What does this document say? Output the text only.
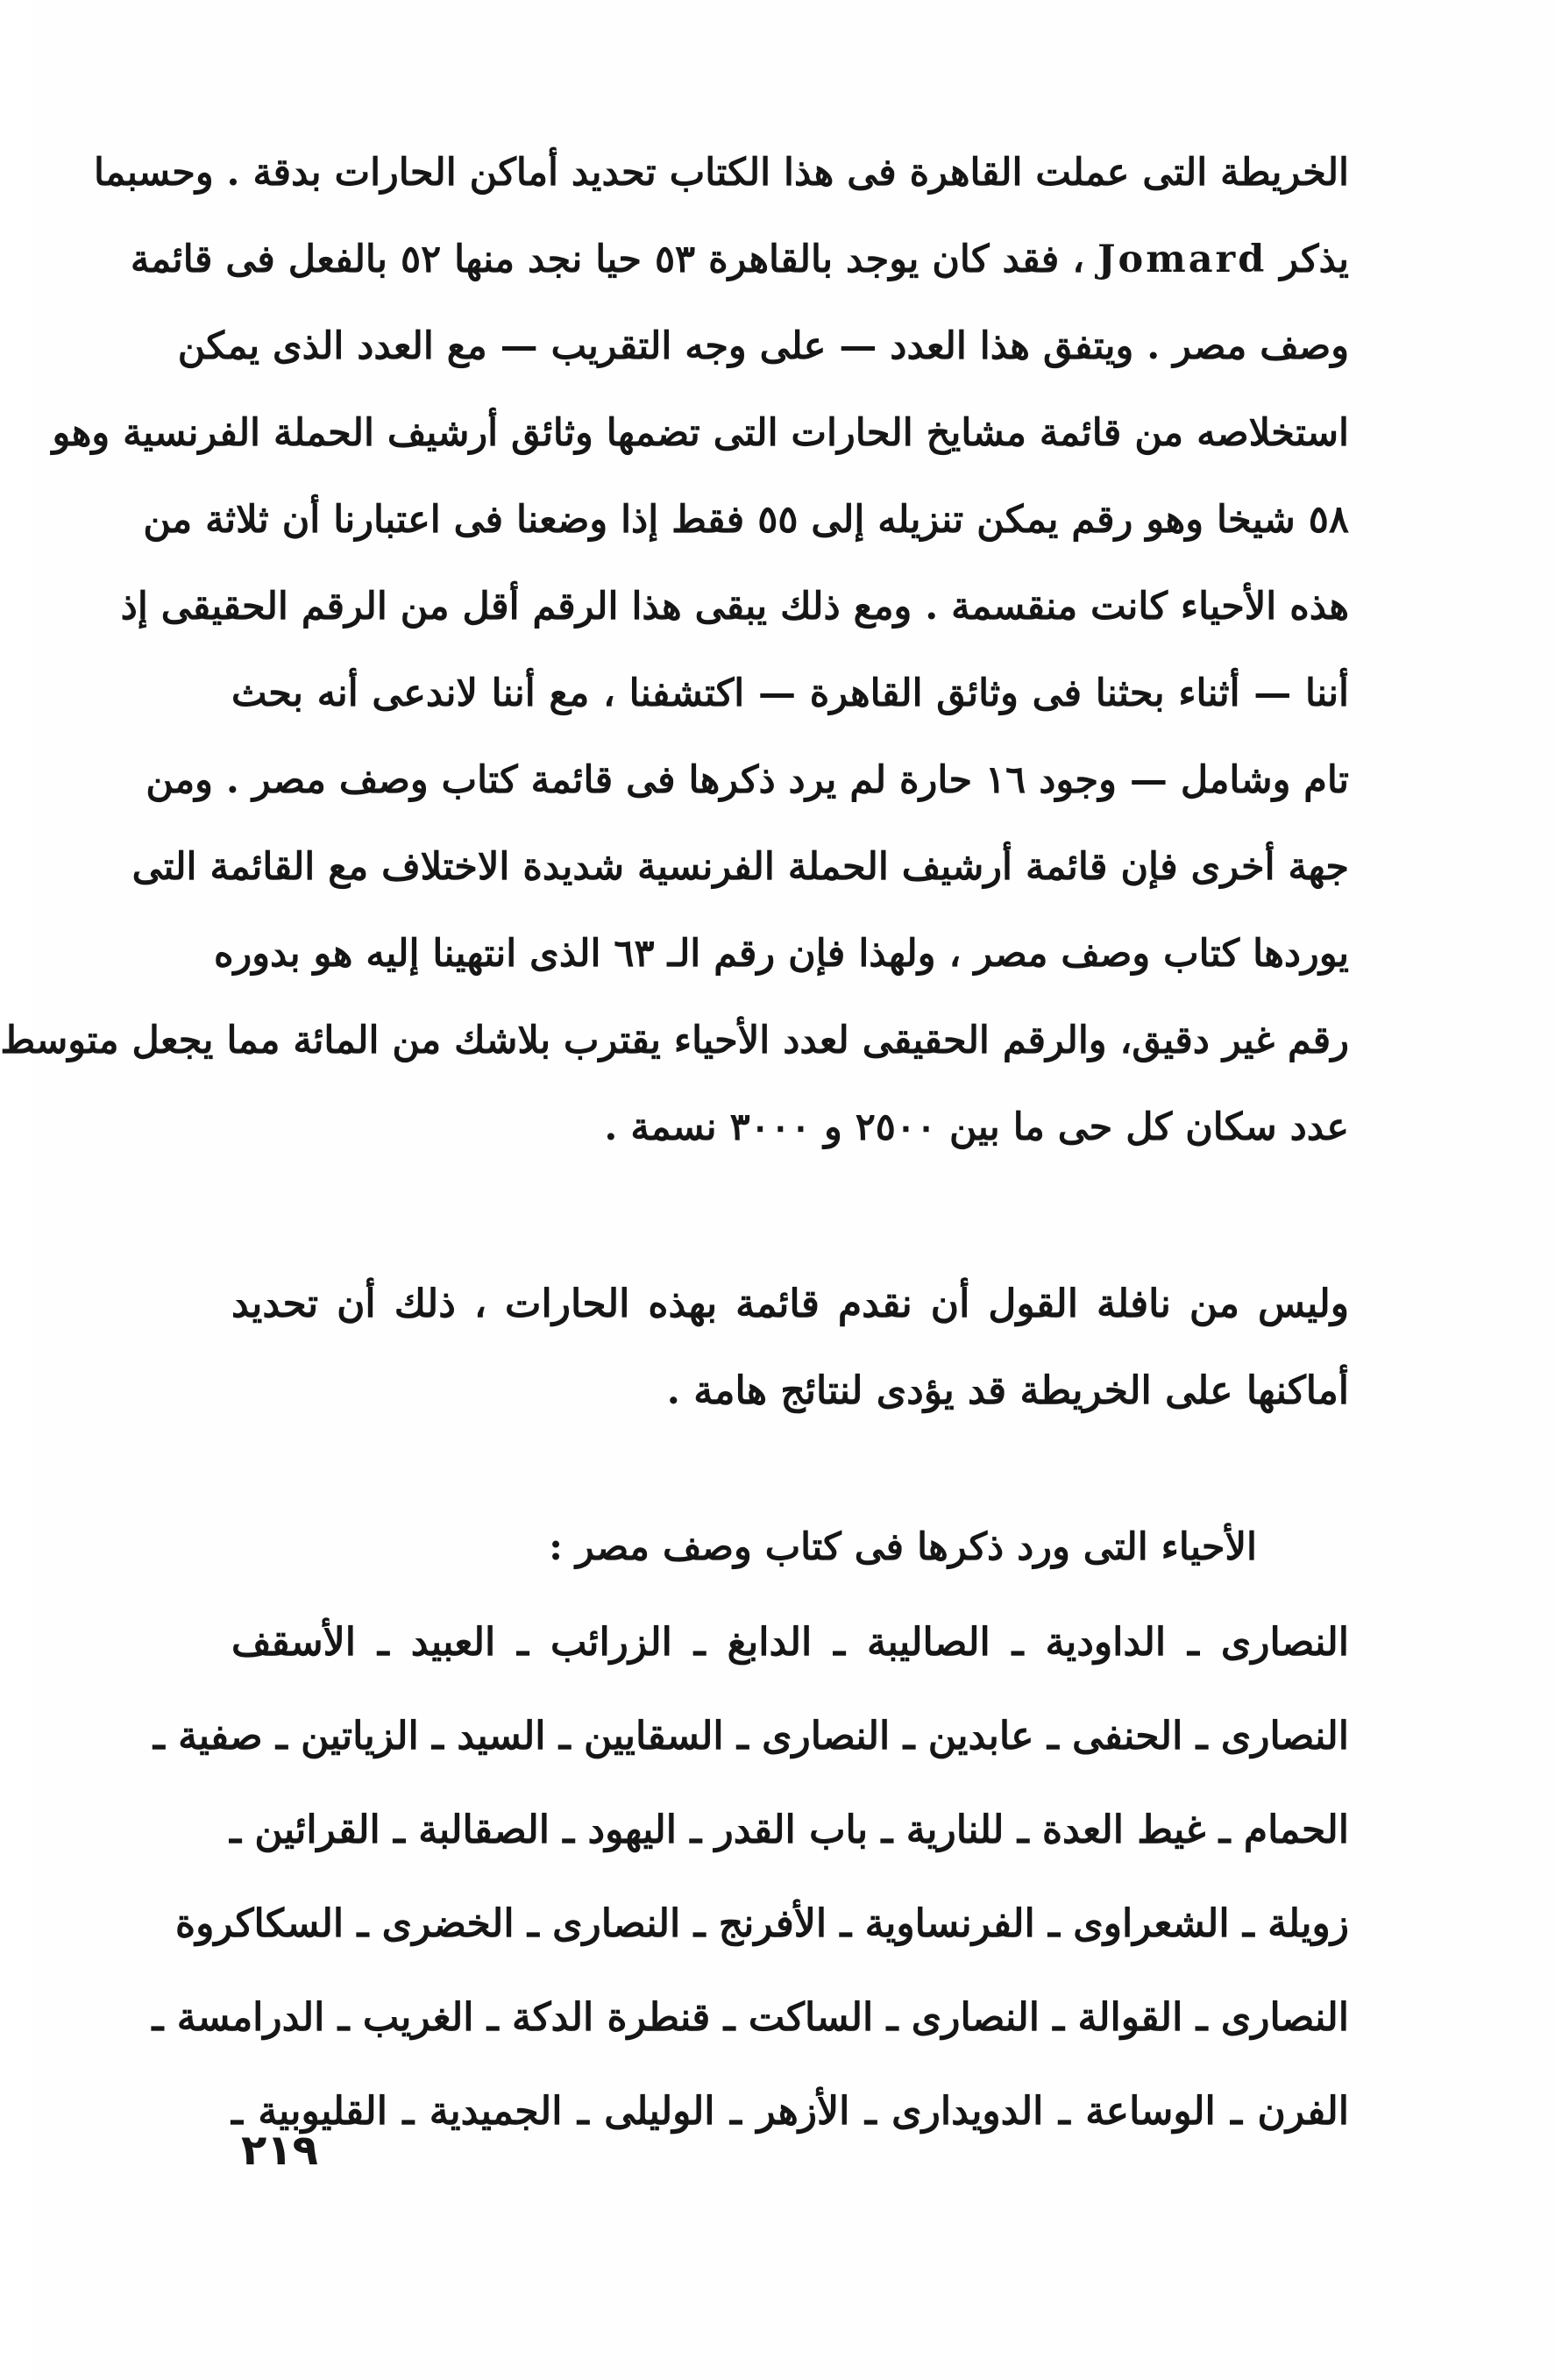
الخريطة التى عملت القاهرة فى هذا الكتاب تحديد أماكن الحارات بدقة . وحسبما
يذكر Jomard ، فقد كان يوجد بالقاهرة ٥٣ حيا نجد منها ٥٢ بالفعل فى قائمة
وصف مصر . ويتفق هذا العدد — على وجه التقريب — مع العدد الذى يمكن
استخلاصه من قائمة مشايخ الحارات التى تضمها وثائق أرشيف الحملة الفرنسية وهو
٥٨ شيخا وهو رقم يمكن تنزيله إلى ٥٥ فقط إذا وضعنا فى اعتبارنا أن ثلاثة من
هذه الأحياء كانت منقسمة . ومع ذلك يبقى هذا الرقم أقل من الرقم الحقيقى إذ
أننا — أثناء بحثنا فى وثائق القاهرة — اكتشفنا ، مع أننا لاندعى أنه بحث
تام وشامل — وجود ١٦ حارة لم يرد ذكرها فى قائمة كتاب وصف مصر . ومن
جهة أخرى فإن قائمة أرشيف الحملة الفرنسية شديدة الاختلاف مع القائمة التى
يوردها كتاب وصف مصر ، ولهذا فإن رقم الـ ٦٣ الذى انتهينا إليه هو بدوره
رقم غير دقيق، والرقم الحقيقى لعدد الأحياء يقترب بلاشك من المائة مما يجعل متوسط
عدد سكان كل حى ما بين ٢٥٠٠ و ٣٠٠٠ نسمة .
وليس من نافلة القول أن نقدم قائمة بهذه الحارات ، ذلك أن تحديد
أماكنها على الخريطة قد يؤدى لنتائج هامة .
الأحياء التى ورد ذكرها فى كتاب وصف مصر :
النصارى ـ الداودية ـ الصاليبة ـ الدابغ ـ الزرائب ـ العبيد ـ الأسقف
النصارى ـ الحنفى ـ عابدين ـ النصارى ـ السقايين ـ السيد ـ الزياتين ـ صفية ـ
الحمام ـ غيط العدة ـ للنارية ـ باب القدر ـ اليهود ـ الصقالبة ـ القرائين ـ
زويلة ـ الشعراوى ـ الفرنساوية ـ الأفرنج ـ النصارى ـ الخضرى ـ السكاكروة
النصارى ـ القوالة ـ النصارى ـ الساكت ـ قنطرة الدكة ـ الغريب ـ الدرامسة ـ
الفرن ـ الوساعة ـ الدويدارى ـ الأزهر ـ الوليلى ـ الجميدية ـ القليوبية ـ
٢١٩
